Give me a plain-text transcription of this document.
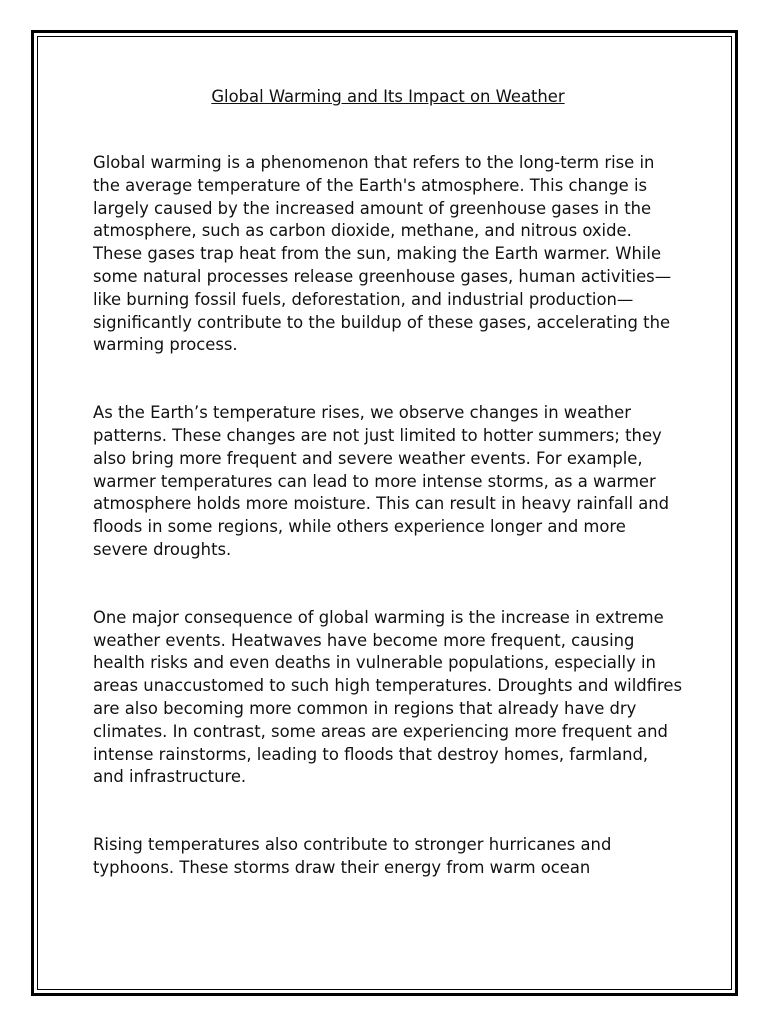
Global Warming and Its Impact on Weather

Global warming is a phenomenon that refers to the long-term rise in the average temperature of the Earth's atmosphere. This change is largely caused by the increased amount of greenhouse gases in the atmosphere, such as carbon dioxide, methane, and nitrous oxide. These gases trap heat from the sun, making the Earth warmer. While some natural processes release greenhouse gases, human activities—like burning fossil fuels, deforestation, and industrial production—significantly contribute to the buildup of these gases, accelerating the warming process.

As the Earth’s temperature rises, we observe changes in weather patterns. These changes are not just limited to hotter summers; they also bring more frequent and severe weather events. For example, warmer temperatures can lead to more intense storms, as a warmer atmosphere holds more moisture. This can result in heavy rainfall and floods in some regions, while others experience longer and more severe droughts.

One major consequence of global warming is the increase in extreme weather events. Heatwaves have become more frequent, causing health risks and even deaths in vulnerable populations, especially in areas unaccustomed to such high temperatures. Droughts and wildfires are also becoming more common in regions that already have dry climates. In contrast, some areas are experiencing more frequent and intense rainstorms, leading to floods that destroy homes, farmland, and infrastructure.

Rising temperatures also contribute to stronger hurricanes and typhoons. These storms draw their energy from warm ocean
